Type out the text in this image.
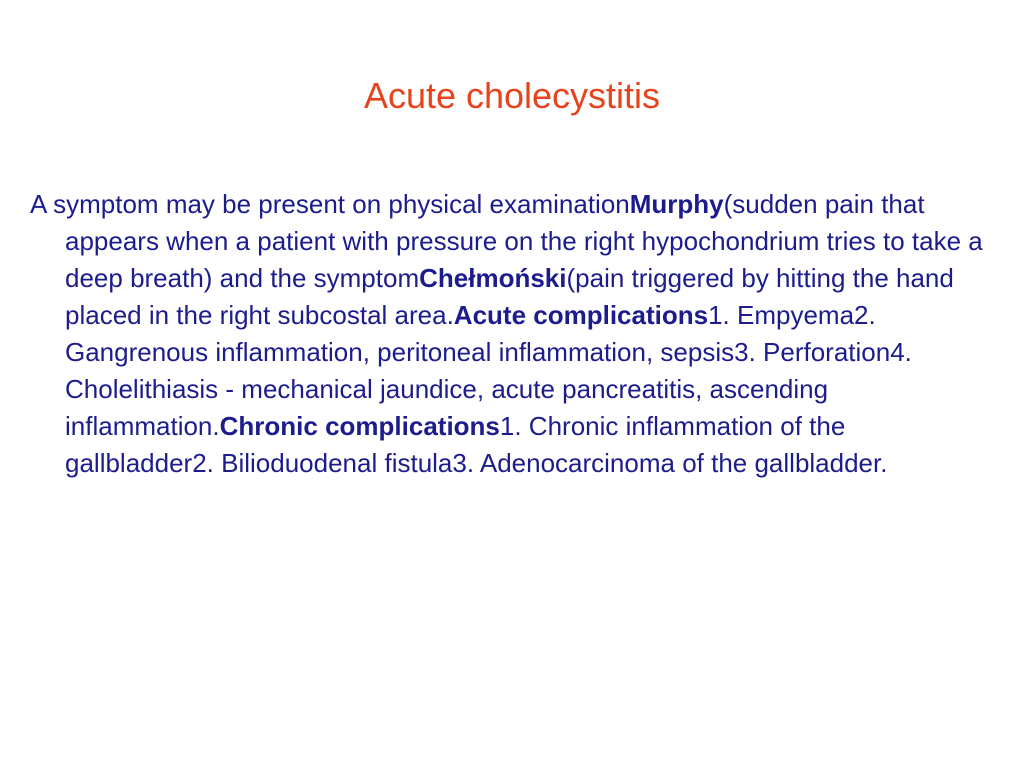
Acute cholecystitis

A symptom may be present on physical examinationMurphy(sudden pain that appears when a patient with pressure on the right hypochondrium tries to take a deep breath) and the symptomChełmoński(pain triggered by hitting the hand placed in the right subcostal area.Acute complications1. Empyema2. Gangrenous inflammation, peritoneal inflammation, sepsis3. Perforation4. Cholelithiasis - mechanical jaundice, acute pancreatitis, ascending inflammation.Chronic complications1. Chronic inflammation of the gallbladder2. Bilioduodenal fistula3. Adenocarcinoma of the gallbladder.
